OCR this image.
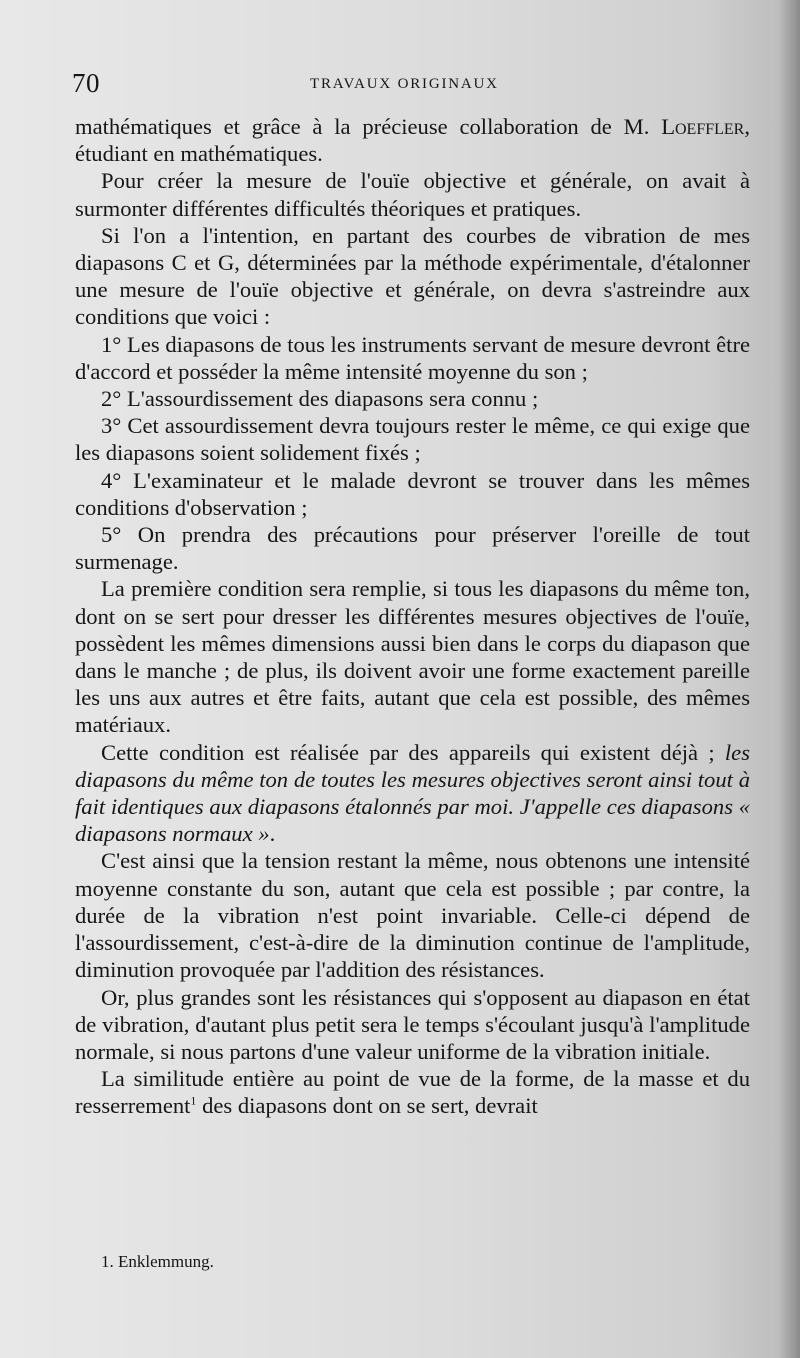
70	TRAVAUX ORIGINAUX

mathématiques et grâce à la précieuse collaboration de M. Loeffler, étudiant en mathématiques.

Pour créer la mesure de l'ouïe objective et générale, on avait à surmonter différentes difficultés théoriques et pratiques.

Si l'on a l'intention, en partant des courbes de vibration de mes diapasons C et G, déterminées par la méthode expérimentale, d'étalonner une mesure de l'ouïe objective et générale, on devra s'astreindre aux conditions que voici :

1° Les diapasons de tous les instruments servant de mesure devront être d'accord et posséder la même intensité moyenne du son ;

2° L'assourdissement des diapasons sera connu ;

3° Cet assourdissement devra toujours rester le même, ce qui exige que les diapasons soient solidement fixés ;

4° L'examinateur et le malade devront se trouver dans les mêmes conditions d'observation ;

5° On prendra des précautions pour préserver l'oreille de tout surmenage.

La première condition sera remplie, si tous les diapasons du même ton, dont on se sert pour dresser les différentes mesures objectives de l'ouïe, possèdent les mêmes dimensions aussi bien dans le corps du diapason que dans le manche ; de plus, ils doivent avoir une forme exactement pareille les uns aux autres et être faits, autant que cela est possible, des mêmes matériaux.

Cette condition est réalisée par des appareils qui existent déjà ; les diapasons du même ton de toutes les mesures objectives seront ainsi tout à fait identiques aux diapasons étalonnés par moi. J'appelle ces diapasons « diapasons normaux ».

C'est ainsi que la tension restant la même, nous obtenons une intensité moyenne constante du son, autant que cela est possible ; par contre, la durée de la vibration n'est point invariable. Celle-ci dépend de l'assourdissement, c'est-à-dire de la diminution continue de l'amplitude, diminution provoquée par l'addition des résistances.

Or, plus grandes sont les résistances qui s'opposent au diapason en état de vibration, d'autant plus petit sera le temps s'écoulant jusqu'à l'amplitude normale, si nous partons d'une valeur uniforme de la vibration initiale.

La similitude entière au point de vue de la forme, de la masse et du resserrement$^1$ des diapasons dont on se sert, devrait

1. Enklemmung.
